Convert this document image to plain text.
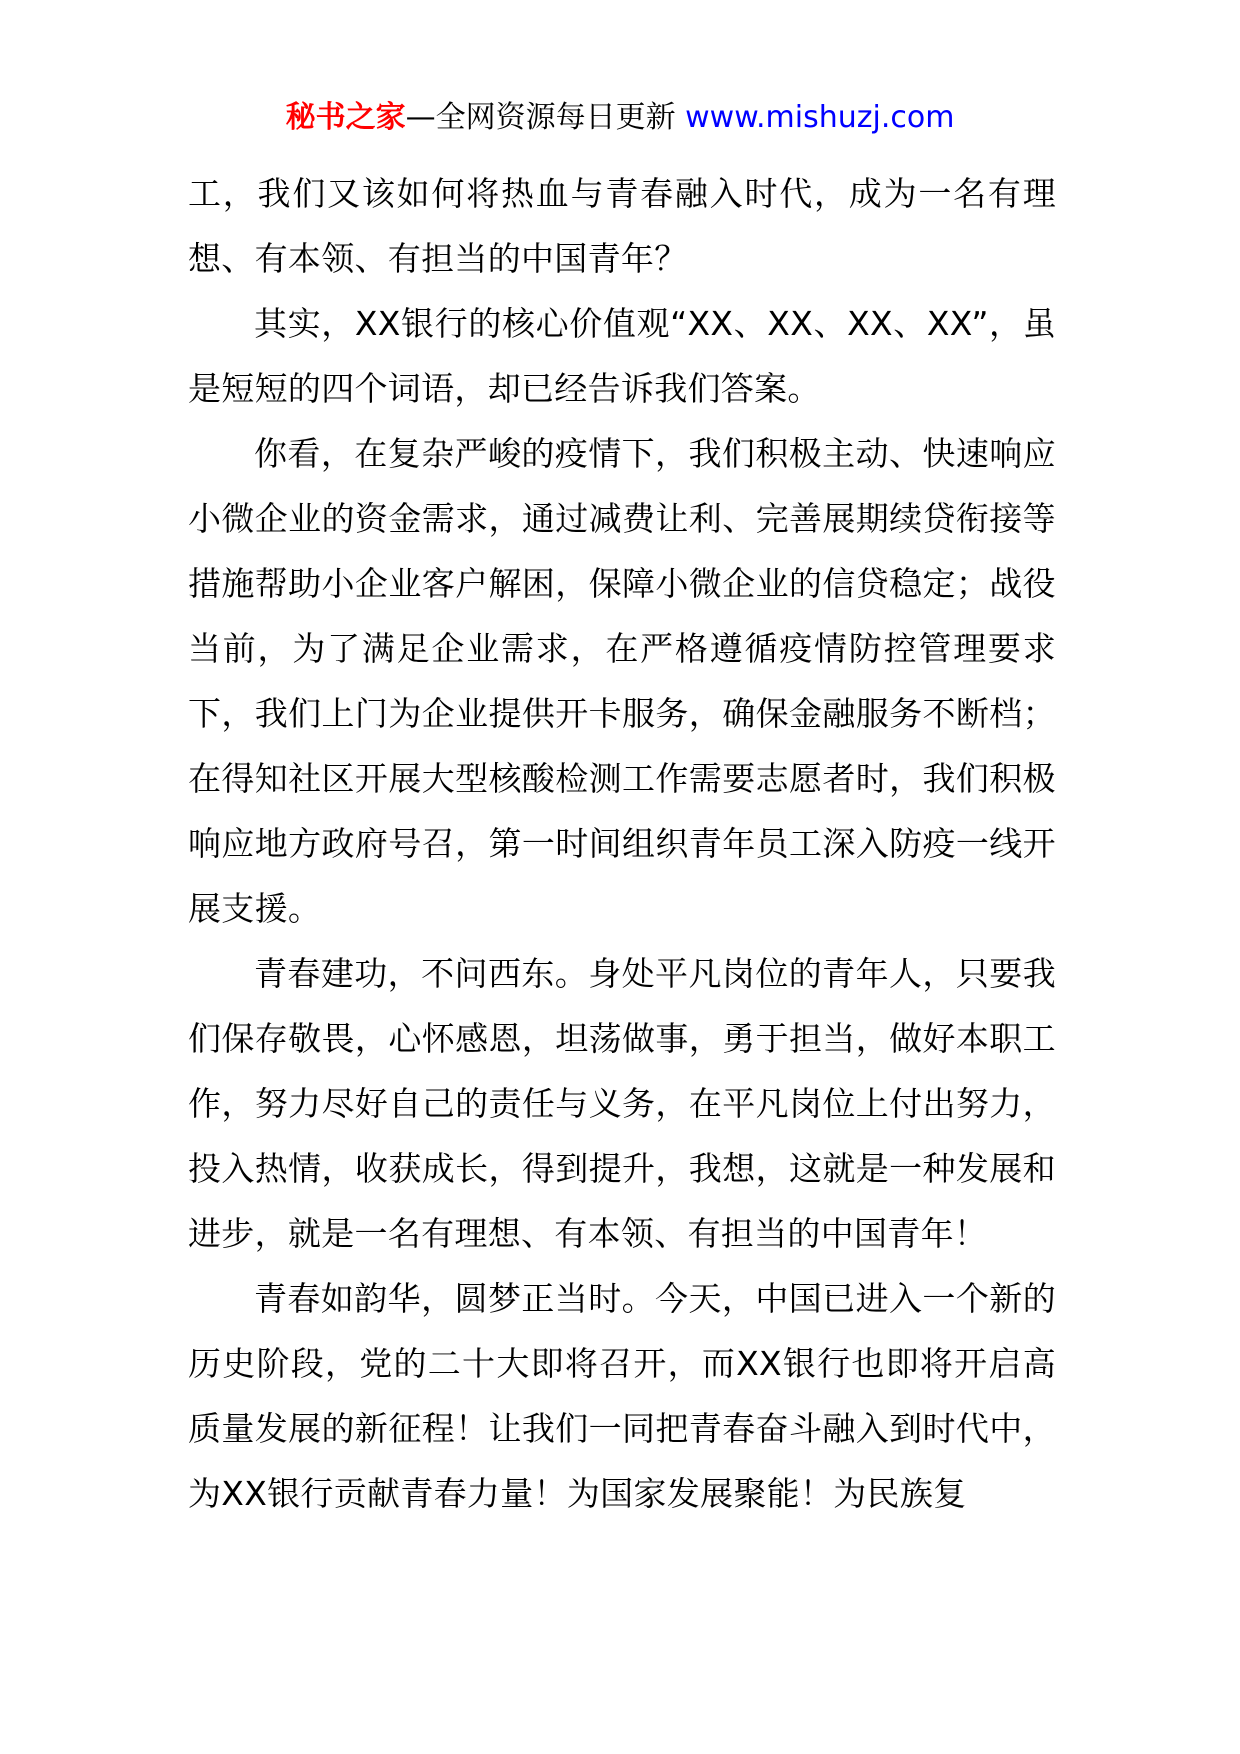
秘书之家—全网资源每日更新 www.mishuzj.com

工，我们又该如何将热血与青春融入时代，成为一名有理想、有本领、有担当的中国青年？

其实，XX银行的核心价值观“XX、XX、XX、XX”，虽是短短的四个词语，却已经告诉我们答案。

你看，在复杂严峻的疫情下，我们积极主动、快速响应小微企业的资金需求，通过减费让利、完善展期续贷衔接等措施帮助小企业客户解困，保障小微企业的信贷稳定；战役当前，为了满足企业需求，在严格遵循疫情防控管理要求下，我们上门为企业提供开卡服务，确保金融服务不断档；在得知社区开展大型核酸检测工作需要志愿者时，我们积极响应地方政府号召，第一时间组织青年员工深入防疫一线开展支援。

青春建功，不问西东。身处平凡岗位的青年人，只要我们保存敬畏，心怀感恩，坦荡做事，勇于担当，做好本职工作，努力尽好自己的责任与义务，在平凡岗位上付出努力，投入热情，收获成长，得到提升，我想，这就是一种发展和进步，就是一名有理想、有本领、有担当的中国青年！

青春如韵华，圆梦正当时。今天，中国已进入一个新的历史阶段，党的二十大即将召开，而XX银行也即将开启高质量发展的新征程！让我们一同把青春奋斗融入到时代中，为XX银行贡献青春力量！为国家发展聚能！为民族复
